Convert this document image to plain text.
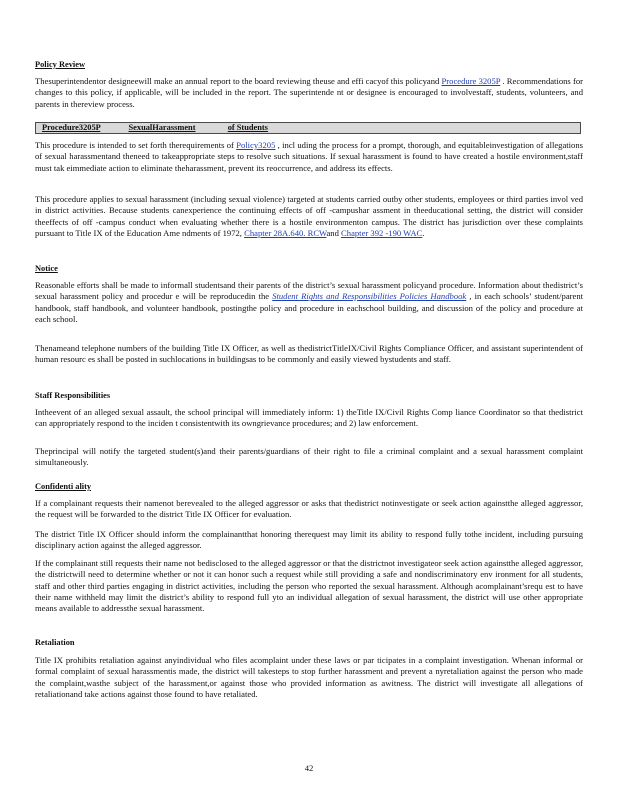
Policy Review
Thesuperintendentor designeewill make an annual report to the board reviewing theuse and effi cacyof this policyand Procedure 3205P . Recommendations for changes to this policy, if applicable, will be included in the report. The superintende nt or designee is encouraged to involvestaff, students, volunteers, and parents in thereview process.
Procedure3205P	SexualHarassment	of Students
This procedure is intended to set forth therequirements of Policy3205 , incl uding the process for a prompt, thorough, and equitableinvestigation of allegations of sexual harassmentand theneed to takeappropriate steps to resolve such situations. If sexual harassment is found to have created a hostile environment,staff must tak eimmediate action to eliminate theharassment, prevent its reoccurrence, and address its effects.
This procedure applies to sexual harassment (including sexual violence) targeted at students carried outby other students, employees or third parties invol ved in district activities. Because students canexperience the continuing effects of off -campushar assment in theeducational setting, the district will consider theeffects of off -campus conduct when evaluating whether there is a hostile environmenton campus. The district has jurisdiction over these complaints pursuant to Title IX of the Education Ame ndments of 1972, Chapter 28A.640. RCWand Chapter 392 -190 WAC.
Notice
Reasonable efforts shall be made to informall studentsand their parents of the district’s sexual harassment policyand procedure. Information about thedistrict’s sexual harassment policy and procedur e will be reproducedin the Student Rights and Responsibilities Policies Handbook , in each schools’ student/parent handbook, staff handbook, and volunteer handbook, postingthe policy and procedure in eachschool building, and discussion of the policy and procedure at each school.
Thenameand telephone numbers of the building Title IX Officer, as well as thedistrictTitleIX/Civil Rights Compliance Officer, and assistant superintendent of human resourc es shall be posted in suchlocations in buildingsas to be commonly and easily viewed bystudents and staff.
Staff Responsibilities
Intheevent of an alleged sexual assault, the school principal will immediately inform: 1) theTitle IX/Civil Rights Comp liance Coordinator so that thedistrict can appropriately respond to the inciden t consistentwith its owngrievance procedures; and 2) law enforcement.
Theprincipal will notify the targeted student(s)and their parents/guardians of their right to file a criminal complaint and a sexual harassment complaint simultaneously.
Confidenti ality
If a complainant requests their namenot berevealed to the alleged aggressor or asks that thedistrict notinvestigate or seek action againstthe alleged aggressor, the request will be forwarded to the district Title IX Officer for evaluation.
The district Title IX Officer should inform the complainantthat honoring therequest may limit its ability to respond fully tothe incident, including pursuing disciplinary action against the alleged aggressor.
If the complainant still requests their name not bedisclosed to the alleged aggressor or that the districtnot investigateor seek action againstthe alleged aggressor, the districtwill need to determine whether or not it can honor such a request while still providing a safe and nondiscriminatory env ironment for all students, staff and other third parties engaging in district activities, including the person who reported the sexual harassment. Although acomplainant’srequ est to have their name withheld may limit the district’s ability to respond full yto an individual allegation of sexual harassment, the district will use other appropriate means available to addressthe sexual harassment.
Retaliation
Title IX prohibits retaliation against anyindividual who files acomplaint under these laws or par ticipates in a complaint investigation. Whenan informal or formal complaint of sexual harassmentis made, the district will takesteps to stop further harassment and prevent a nyretaliation against the person who made the complaint,wasthe subject of the harassment,or against those who provided information as awitness. The district will investigate all allegations of retaliationand take actions against those found to have retaliated.
42
